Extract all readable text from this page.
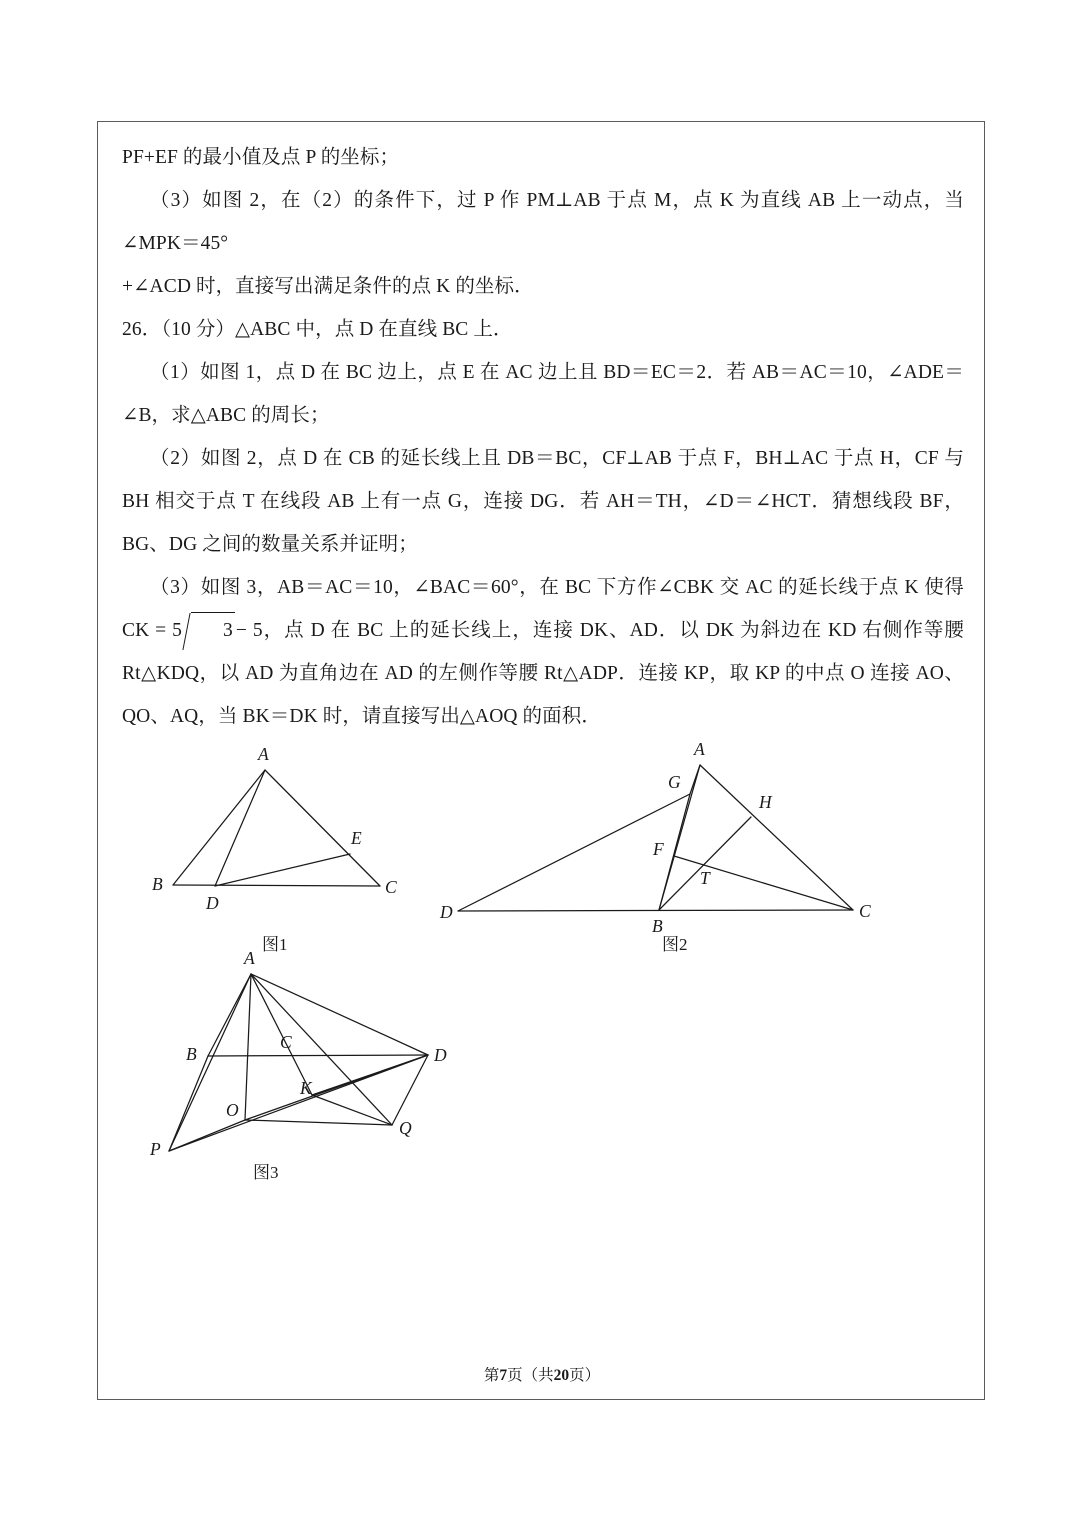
PF+EF 的最小值及点 P 的坐标；

（3）如图 2，在（2）的条件下，过 P 作 PM⊥AB 于点 M，点 K 为直线 AB 上一动点，当∠MPK＝45°

+∠ACD 时，直接写出满足条件的点 K 的坐标．

26．（10 分）△ABC 中，点 D 在直线 BC 上．

（1）如图 1，点 D 在 BC 边上，点 E 在 AC 边上且 BD＝EC＝2．若 AB＝AC＝10，∠ADE＝∠B，求△ABC 的周长；

（2）如图 2，点 D 在 CB 的延长线上且 DB＝BC，CF⊥AB 于点 F，BH⊥AC 于点 H，CF 与 BH 相交于点 T 在线段 AB 上有一点 G，连接 DG．若 AH＝TH，∠D＝∠HCT．猜想线段 BF，BG、DG 之间的数量关系并证明；

（3）如图 3，AB＝AC＝10，∠BAC＝60°，在 BC 下方作∠CBK 交 AC 的延长线于点 K 使得CK = 5 3 − 5，点 D 在 BC 上的延长线上，连接 DK、AD．以 DK 为斜边在 KD 右侧作等腰 Rt△KDQ，以 AD 为直角边在 AD 的左侧作等腰 Rt△ADP．连接 KP，取 KP 的中点 O 连接 AO、QO、AQ，当 BK＝DK 时，请直接写出△AOQ 的面积．

A
B
D
E
C
A
G
H
F
T
B
C
D
A
B
C
D
K
O
Q
P
图1	图2
图3
第7页（共20页）
